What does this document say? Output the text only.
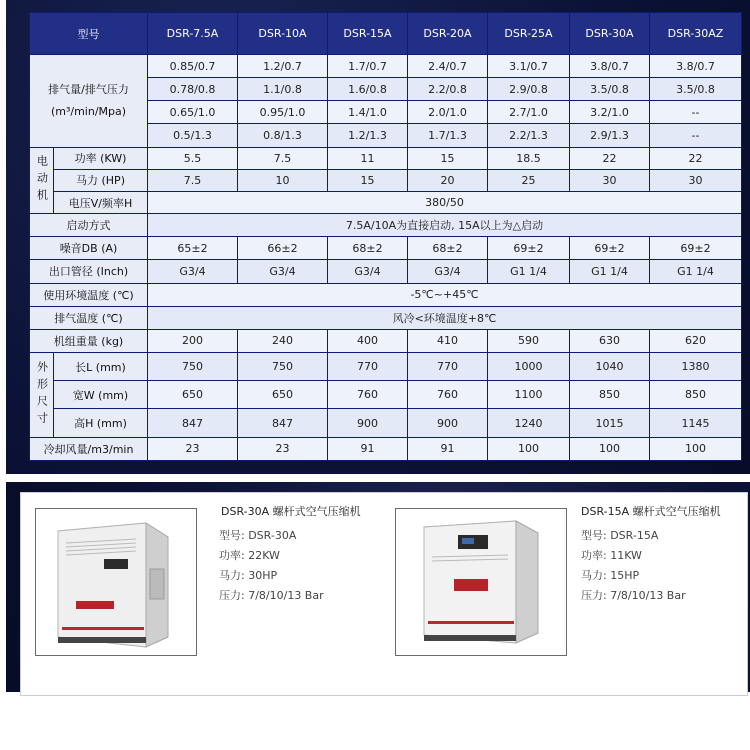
型号		DSR-7.5A	DSR-10A	DSR-15A	DSR-20A	DSR-25A	DSR-30A	DSR-30AZ

排气量/排气压力
(m³/min/Mpa)		0.85/0.7	1.2/0.7	1.7/0.7	2.4/0.7	3.1/0.7	3.8/0.7	3.8/0.7
		0.78/0.8	1.1/0.8	1.6/0.8	2.2/0.8	2.9/0.8	3.5/0.8	3.5/0.8
		0.65/1.0	0.95/1.0	1.4/1.0	2.0/1.0	2.7/1.0	3.2/1.0	--
		0.5/1.3	0.8/1.3	1.2/1.3	1.7/1.3	2.2/1.3	2.9/1.3	--
电动机	功率 (KW)	5.5	7.5	11	15	18.5	22	22
	马力 (HP)	7.5	10	15	20	25	30	30
	电压V/频率H	380/50						
启动方式		7.5A/10A为直接启动, 15A以上为△启动						
噪音DB (A)		65±2	66±2	68±2	68±2	69±2	69±2	69±2
出口管径 (Inch)		G3/4	G3/4	G3/4	G3/4	G1 1/4	G1 1/4	G1 1/4
使用环境温度 (℃)		-5℃~+45℃						
排气温度 (℃)		风冷<环境温度+8℃						
机组重量 (kg)		200	240	400	410	590	630	620
外形尺寸	长L (mm)	750	750	770	770	1000	1040	1380
	宽W (mm)	650	650	760	760	1100	850	850
	高H (mm)	847	847	900	900	1240	1015	1145
冷却风量/m3/min		23	23	91	91	100	100	100
DSR-30A 螺杆式空气压缩机
型号: DSR-30A
功率: 22KW
马力: 30HP
压力: 7/8/10/13 Bar
DSR-15A 螺杆式空气压缩机
型号: DSR-15A
功率: 11KW
马力: 15HP
压力: 7/8/10/13 Bar
